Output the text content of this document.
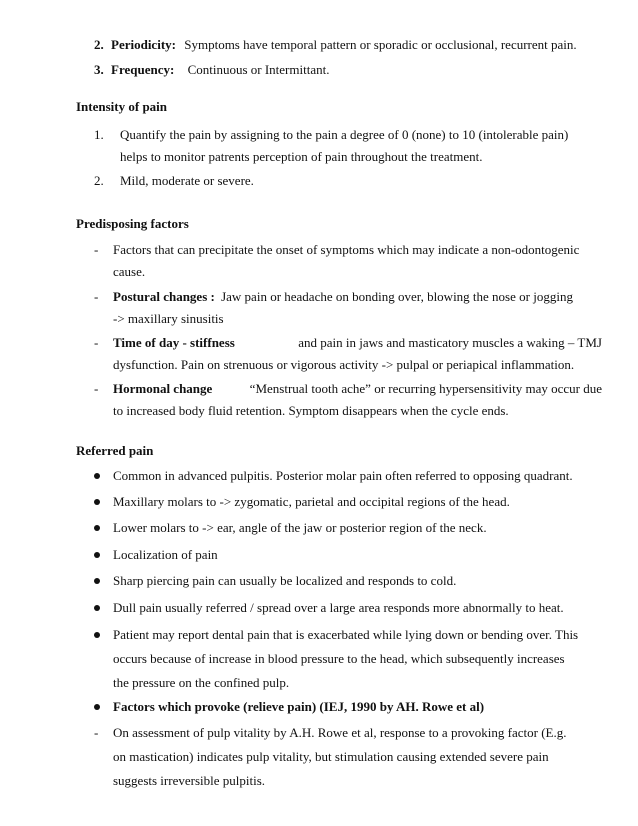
2. Periodicity: Symptoms have temporal pattern or sporadic or occlusional, recurrent pain.
3. Frequency: Continuous or Intermittant.
Intensity of pain
1. Quantify the pain by assigning to the pain a degree of 0 (none) to 10 (intolerable pain)
helps to monitor patrents perception of pain throughout the treatment.
2. Mild, moderate or severe.
Predisposing factors
- Factors that can precipitate the onset of symptoms which may indicate a non-odontogenic
cause.
- Postural changes : Jaw pain or headache on bonding over, blowing the nose or jogging
-> maxillary sinusitis
- Time of day - stiffness	and pain in jaws and masticatory muscles a waking – TMJ
dysfunction. Pain on strenuous or vigorous activity -> pulpal or periapical inflammation.
- Hormonal change	“Menstrual tooth ache” or recurring hypersensitivity may occur due
to increased body fluid retention. Symptom disappears when the cycle ends.
Referred pain
Common in advanced pulpitis. Posterior molar pain often referred to opposing quadrant.
Maxillary molars to -> zygomatic, parietal and occipital regions of the head.
Lower molars to -> ear, angle of the jaw or posterior region of the neck.
Localization of pain
Sharp piercing pain can usually be localized and responds to cold.
Dull pain usually referred / spread over a large area responds more abnormally to heat.
Patient may report dental pain that is exacerbated while lying down or bending over. This
occurs because of increase in blood pressure to the head, which subsequently increases
the pressure on the confined pulp.
Factors which provoke (relieve pain) (IEJ, 1990 by AH. Rowe et al)
- On assessment of pulp vitality by A.H. Rowe et al, response to a provoking factor (E.g.
on mastication) indicates pulp vitality, but stimulation causing extended severe pain
suggests irreversible pulpitis.
